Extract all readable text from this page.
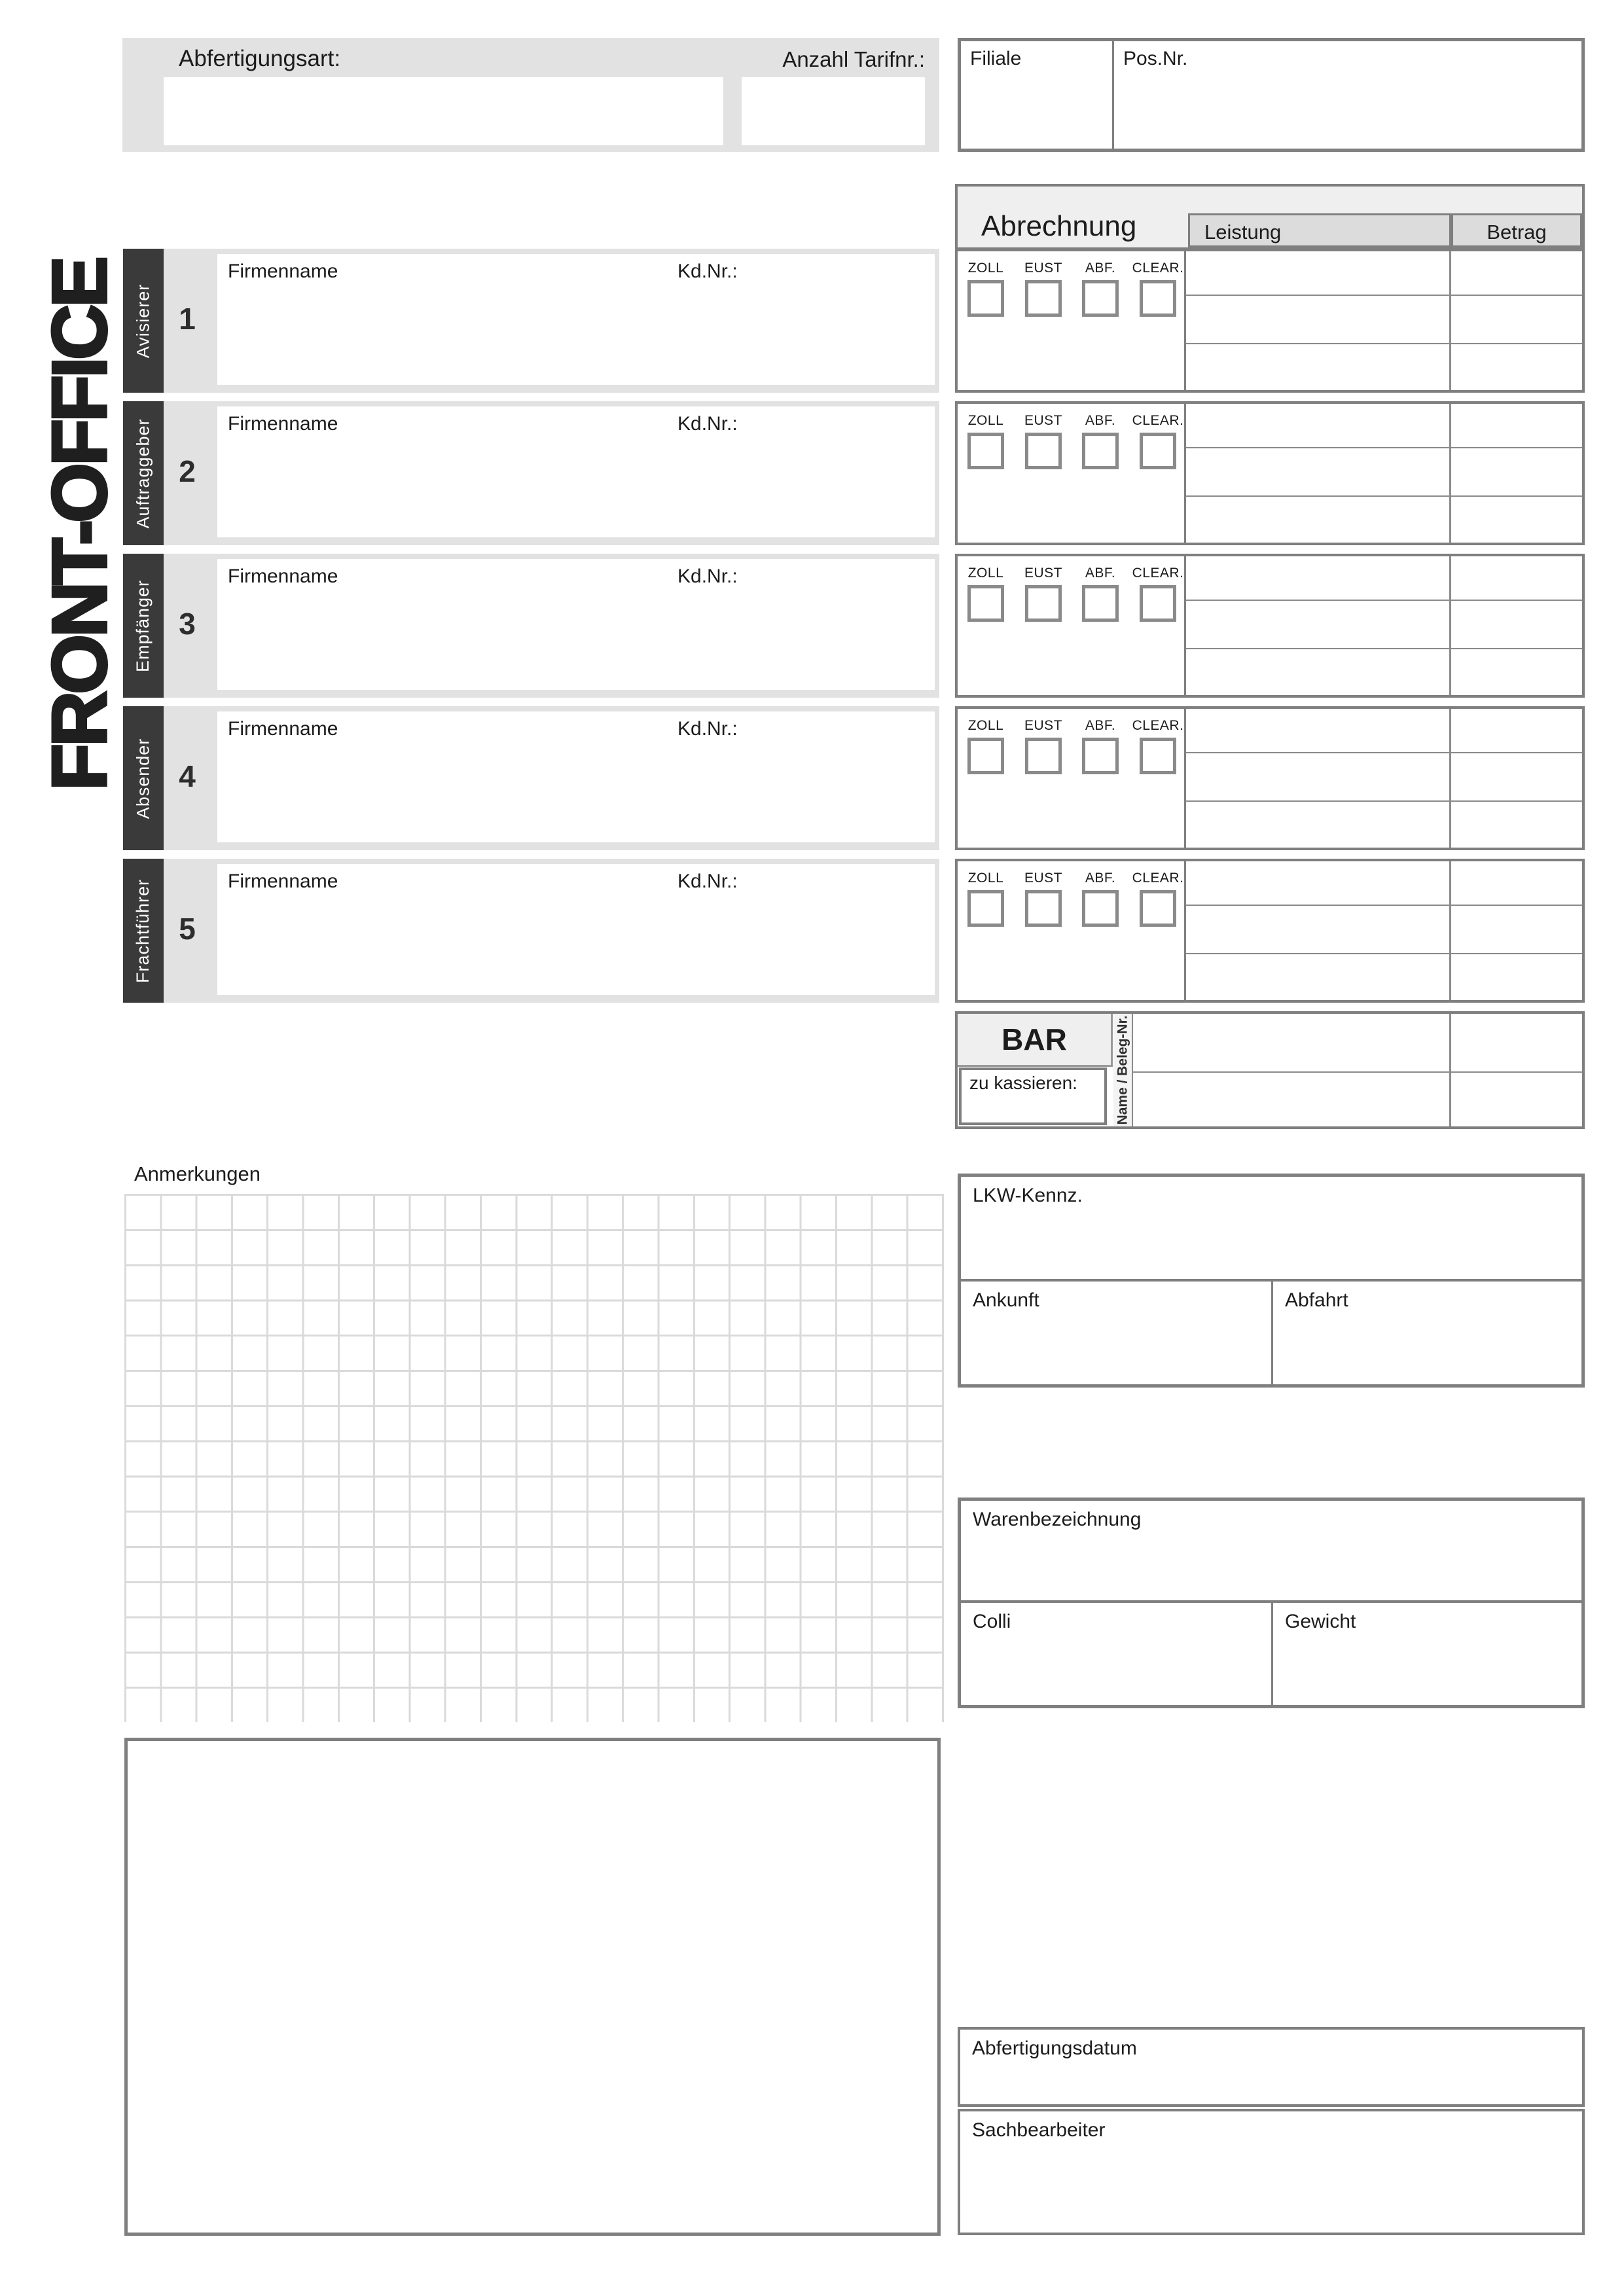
FRONT-OFFICE
Abfertigungsart:	Anzahl Tarifnr.:	Filiale	Pos.Nr.
Abrechnung	Leistung	Betrag
Avisierer 1
Firmenname	Kd.Nr.:	ZOLL EUST ABF. CLEAR.
Auftraggeber 2
Firmenname	Kd.Nr.:	ZOLL EUST ABF. CLEAR.
Empfänger 3
Firmenname	Kd.Nr.:	ZOLL EUST ABF. CLEAR.
Absender 4
Firmenname	Kd.Nr.:	ZOLL EUST ABF. CLEAR.
Frachtführer 5
Firmenname	Kd.Nr.:	ZOLL EUST ABF. CLEAR.
BAR
zu kassieren:	Name / Beleg-Nr.
Anmerkungen
LKW-Kennz.
Ankunft	Abfahrt
Warenbezeichnung
Colli	Gewicht
Abfertigungsdatum
Sachbearbeiter
